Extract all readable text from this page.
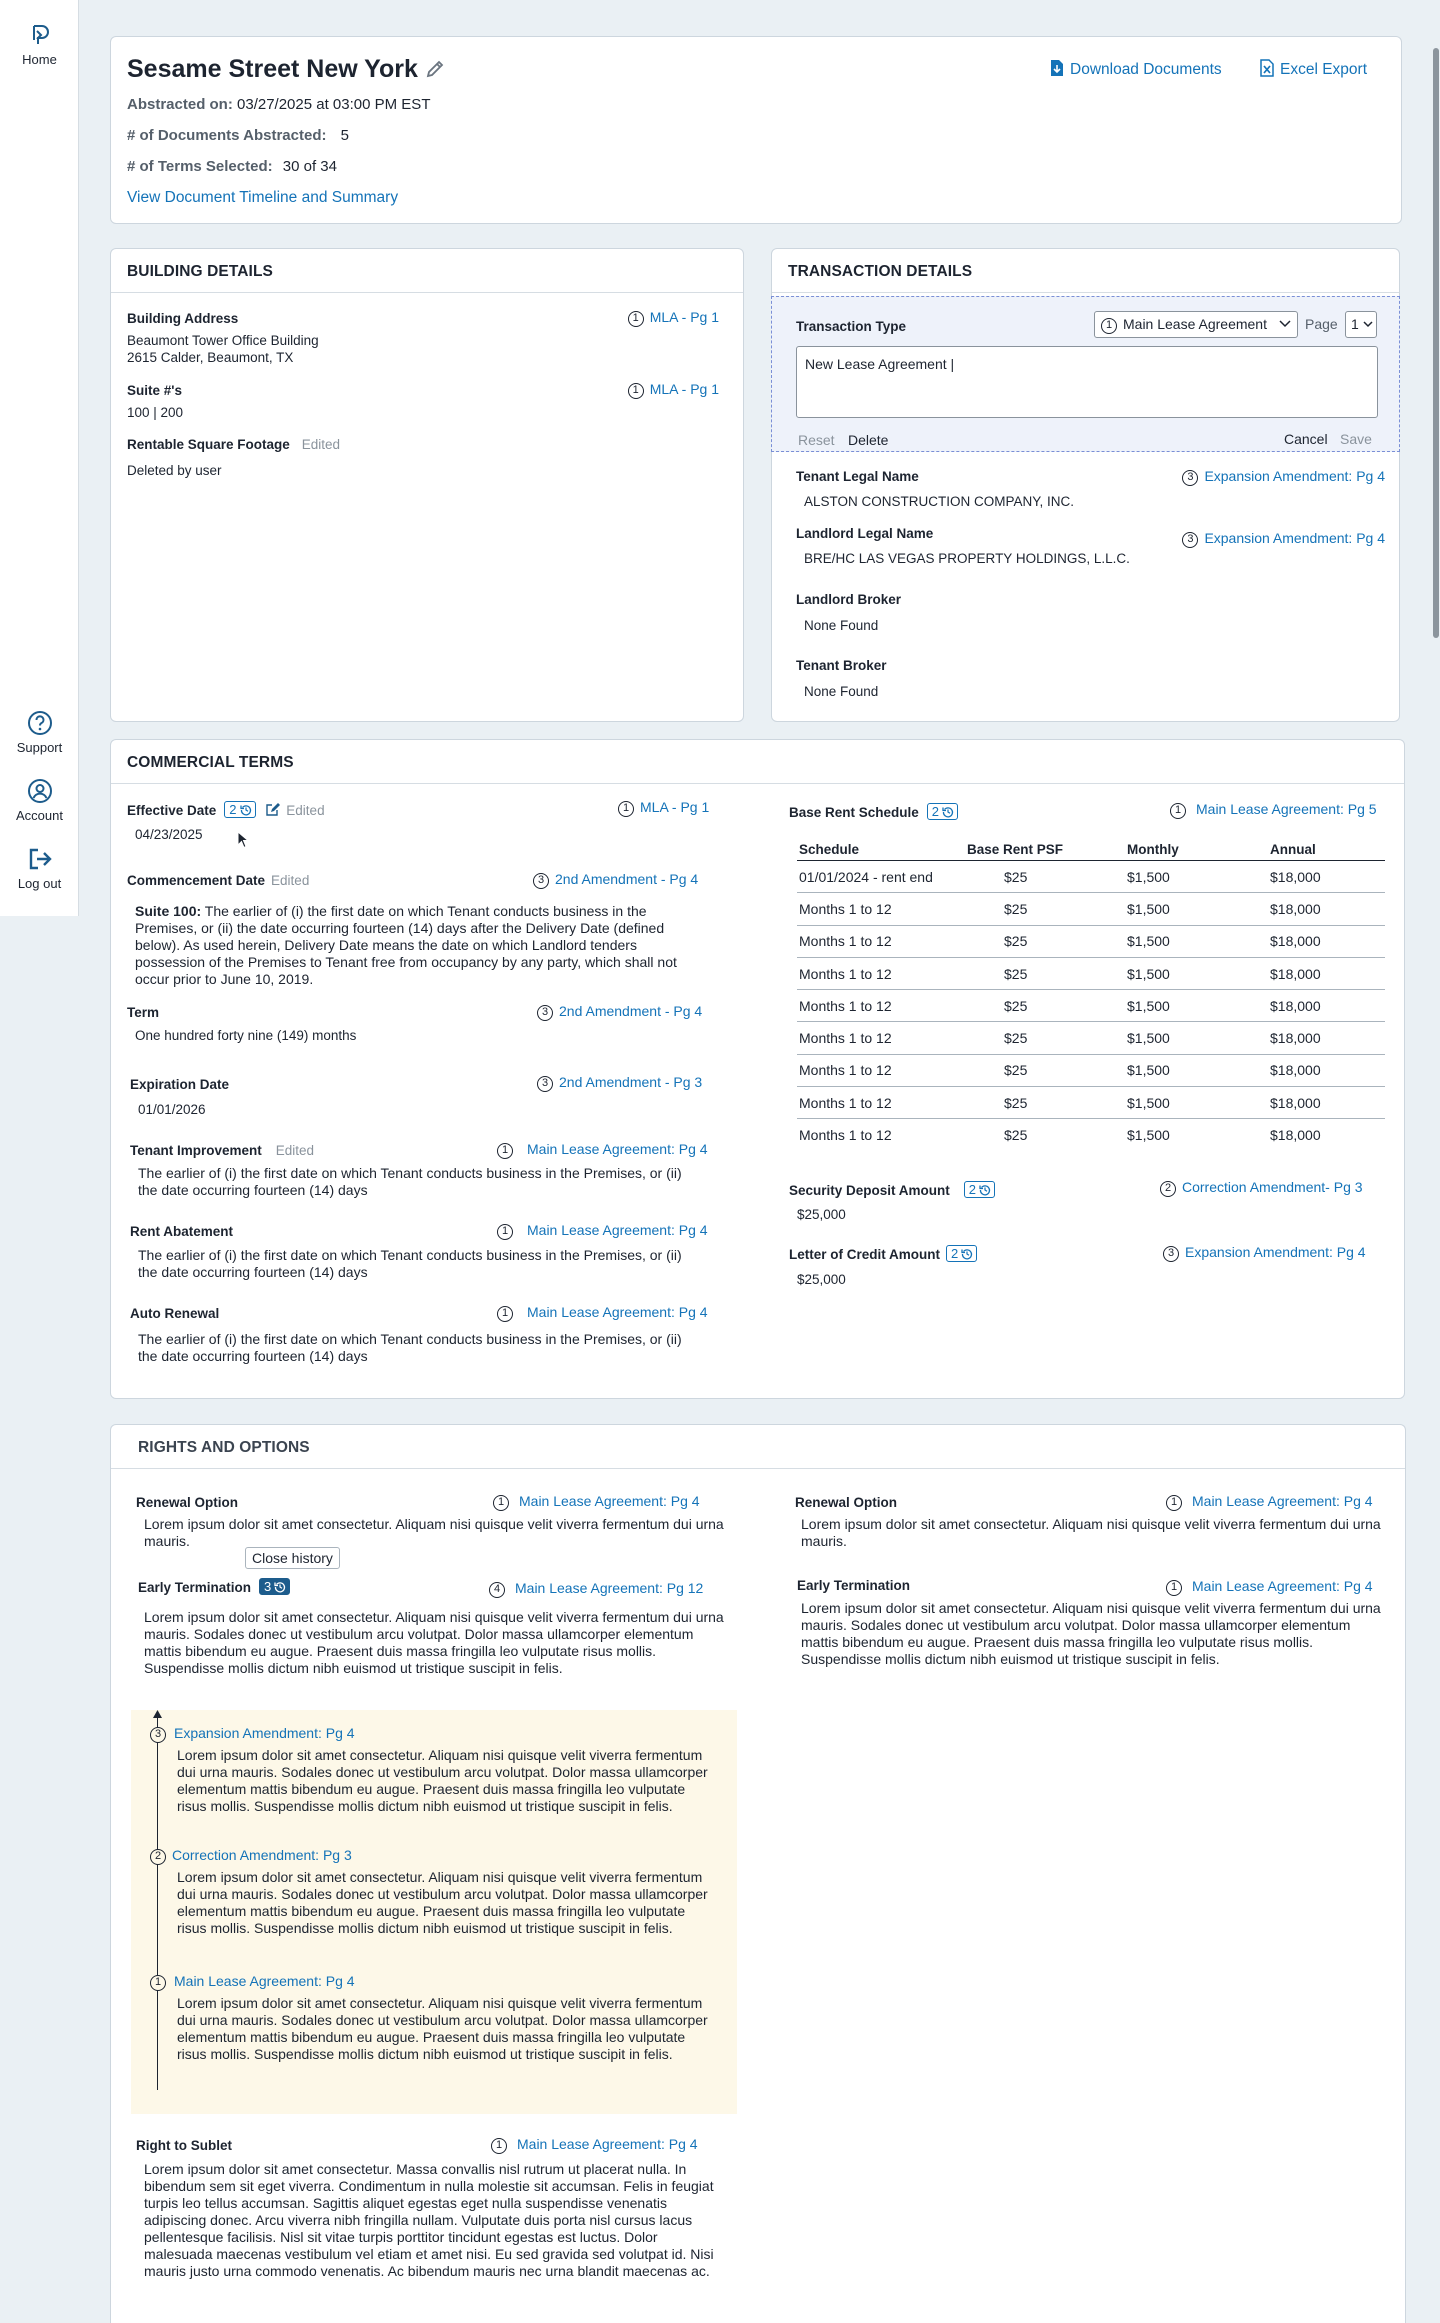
Home
Support
Account
Log out
Sesame Street New York
Abstracted on: 03/27/2025 at 03:00 PM EST
# of Documents Abstracted: 5
# of Terms Selected: 30 of 34
View Document Timeline and Summary
Download Documents	Excel Export
BUILDING DETAILS
Building Address	1 MLA - Pg 1
Beaumont Tower Office Building
2615 Calder, Beaumont, TX
Suite #'s	1 MLA - Pg 1
100 | 200
Rentable Square Footage Edited
Deleted by user
TRANSACTION DETAILS
Transaction Type	1 Main Lease Agreement	Page 1
New Lease Agreement |
Reset Delete	Cancel Save
Tenant Legal Name	3 Expansion Amendment: Pg 4
ALSTON CONSTRUCTION COMPANY, INC.
Landlord Legal Name	3 Expansion Amendment: Pg 4
BRE/HC LAS VEGAS PROPERTY HOLDINGS, L.L.C.
Landlord Broker
None Found
Tenant Broker
None Found
COMMERCIAL TERMS
Effective Date 2	Edited	1 MLA - Pg 1
04/23/2025
Commencement Date Edited	3 2nd Amendment - Pg 4
Suite 100: The earlier of (i) the first date on which Tenant conducts business in the Premises, or (ii) the date occurring fourteen (14) days after the Delivery Date (defined below). As used herein, Delivery Date means the date on which Landlord tenders possession of the Premises to Tenant free from occupancy by any party, which shall not occur prior to June 10, 2019.
Term	3 2nd Amendment - Pg 4
One hundred forty nine (149) months
Expiration Date	3 2nd Amendment - Pg 3
01/01/2026
Tenant Improvement Edited	1 Main Lease Agreement: Pg 4
The earlier of (i) the first date on which Tenant conducts business in the Premises, or (ii) the date occurring fourteen (14) days
Rent Abatement	1 Main Lease Agreement: Pg 4
The earlier of (i) the first date on which Tenant conducts business in the Premises, or (ii) the date occurring fourteen (14) days
Auto Renewal	1 Main Lease Agreement: Pg 4
The earlier of (i) the first date on which Tenant conducts business in the Premises, or (ii) the date occurring fourteen (14) days
Base Rent Schedule 2	1 Main Lease Agreement: Pg 5
Schedule	Base Rent PSF	Monthly	Annual
01/01/2024 - rent end	$25	$1,500	$18,000
Months 1 to 12	$25	$1,500	$18,000
Months 1 to 12	$25	$1,500	$18,000
Months 1 to 12	$25	$1,500	$18,000
Months 1 to 12	$25	$1,500	$18,000
Months 1 to 12	$25	$1,500	$18,000
Months 1 to 12	$25	$1,500	$18,000
Months 1 to 12	$25	$1,500	$18,000
Months 1 to 12	$25	$1,500	$18,000
Security Deposit Amount 2	2 Correction Amendment- Pg 3
$25,000
Letter of Credit Amount 2	3 Expansion Amendment: Pg 4
$25,000
RIGHTS AND OPTIONS
Renewal Option	1 Main Lease Agreement: Pg 4
Lorem ipsum dolor sit amet consectetur. Aliquam nisi quisque velit viverra fermentum dui urna mauris.
Close history
Early Termination 3	4 Main Lease Agreement: Pg 12
Lorem ipsum dolor sit amet consectetur. Aliquam nisi quisque velit viverra fermentum dui urna mauris. Sodales donec ut vestibulum arcu volutpat. Dolor massa ullamcorper elementum mattis bibendum eu augue. Praesent duis massa fringilla leo vulputate risus mollis. Suspendisse mollis dictum nibh euismod ut tristique suscipit in felis.
3 Expansion Amendment: Pg 4
Lorem ipsum dolor sit amet consectetur. Aliquam nisi quisque velit viverra fermentum dui urna mauris. Sodales donec ut vestibulum arcu volutpat. Dolor massa ullamcorper elementum mattis bibendum eu augue. Praesent duis massa fringilla leo vulputate risus mollis. Suspendisse mollis dictum nibh euismod ut tristique suscipit in felis.
2 Correction Amendment: Pg 3
Lorem ipsum dolor sit amet consectetur. Aliquam nisi quisque velit viverra fermentum dui urna mauris. Sodales donec ut vestibulum arcu volutpat. Dolor massa ullamcorper elementum mattis bibendum eu augue. Praesent duis massa fringilla leo vulputate risus mollis. Suspendisse mollis dictum nibh euismod ut tristique suscipit in felis.
1 Main Lease Agreement: Pg 4
Lorem ipsum dolor sit amet consectetur. Aliquam nisi quisque velit viverra fermentum dui urna mauris. Sodales donec ut vestibulum arcu volutpat. Dolor massa ullamcorper elementum mattis bibendum eu augue. Praesent duis massa fringilla leo vulputate risus mollis. Suspendisse mollis dictum nibh euismod ut tristique suscipit in felis.
Right to Sublet	1 Main Lease Agreement: Pg 4
Lorem ipsum dolor sit amet consectetur. Massa convallis nisl rutrum ut placerat nulla. In bibendum sem sit eget viverra. Condimentum in nulla molestie sit accumsan. Felis in feugiat turpis leo tellus accumsan. Sagittis aliquet egestas eget nulla suspendisse venenatis adipiscing donec. Arcu viverra nibh fringilla nullam. Vulputate duis porta nisl cursus lacus pellentesque facilisis. Nisl sit vitae turpis porttitor tincidunt egestas est luctus. Dolor malesuada maecenas vestibulum vel etiam et amet nisi. Eu sed gravida sed volutpat id. Nisi mauris justo urna commodo venenatis. Ac bibendum mauris nec urna blandit maecenas ac.
Renewal Option	1 Main Lease Agreement: Pg 4
Lorem ipsum dolor sit amet consectetur. Aliquam nisi quisque velit viverra fermentum dui urna mauris.
Early Termination	1 Main Lease Agreement: Pg 4
Lorem ipsum dolor sit amet consectetur. Aliquam nisi quisque velit viverra fermentum dui urna mauris. Sodales donec ut vestibulum arcu volutpat. Dolor massa ullamcorper elementum mattis bibendum eu augue. Praesent duis massa fringilla leo vulputate risus mollis. Suspendisse mollis dictum nibh euismod ut tristique suscipit in felis.
